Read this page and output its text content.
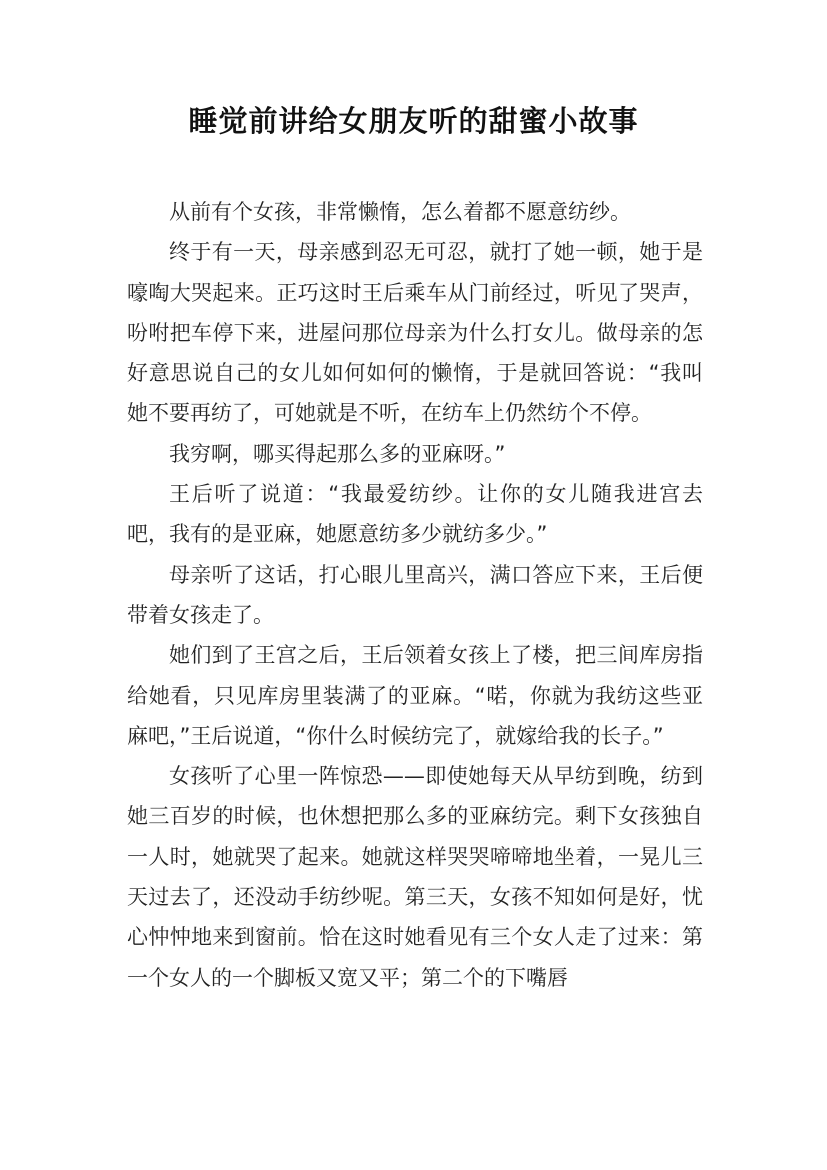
睡觉前讲给女朋友听的甜蜜小故事

从前有个女孩，非常懒惰，怎么着都不愿意纺纱。

终于有一天，母亲感到忍无可忍，就打了她一顿，她于是嚎啕大哭起来。正巧这时王后乘车从门前经过，听见了哭声，吩咐把车停下来，进屋问那位母亲为什么打女儿。做母亲的怎好意思说自己的女儿如何如何的懒惰，于是就回答说：“我叫她不要再纺了，可她就是不听，在纺车上仍然纺个不停。

我穷啊，哪买得起那么多的亚麻呀。”

王后听了说道：“我最爱纺纱。让你的女儿随我进宫去吧，我有的是亚麻，她愿意纺多少就纺多少。”

母亲听了这话，打心眼儿里高兴，满口答应下来，王后便带着女孩走了。

她们到了王宫之后，王后领着女孩上了楼，把三间库房指给她看，只见库房里装满了的亚麻。“喏，你就为我纺这些亚麻吧，”王后说道，“你什么时候纺完了，就嫁给我的长子。”

女孩听了心里一阵惊恐——即使她每天从早纺到晚，纺到她三百岁的时候，也休想把那么多的亚麻纺完。剩下女孩独自一人时，她就哭了起来。她就这样哭哭啼啼地坐着，一晃儿三天过去了，还没动手纺纱呢。第三天，女孩不知如何是好，忧心忡忡地来到窗前。恰在这时她看见有三个女人走了过来：第一个女人的一个脚板又宽又平；第二个的下嘴唇
